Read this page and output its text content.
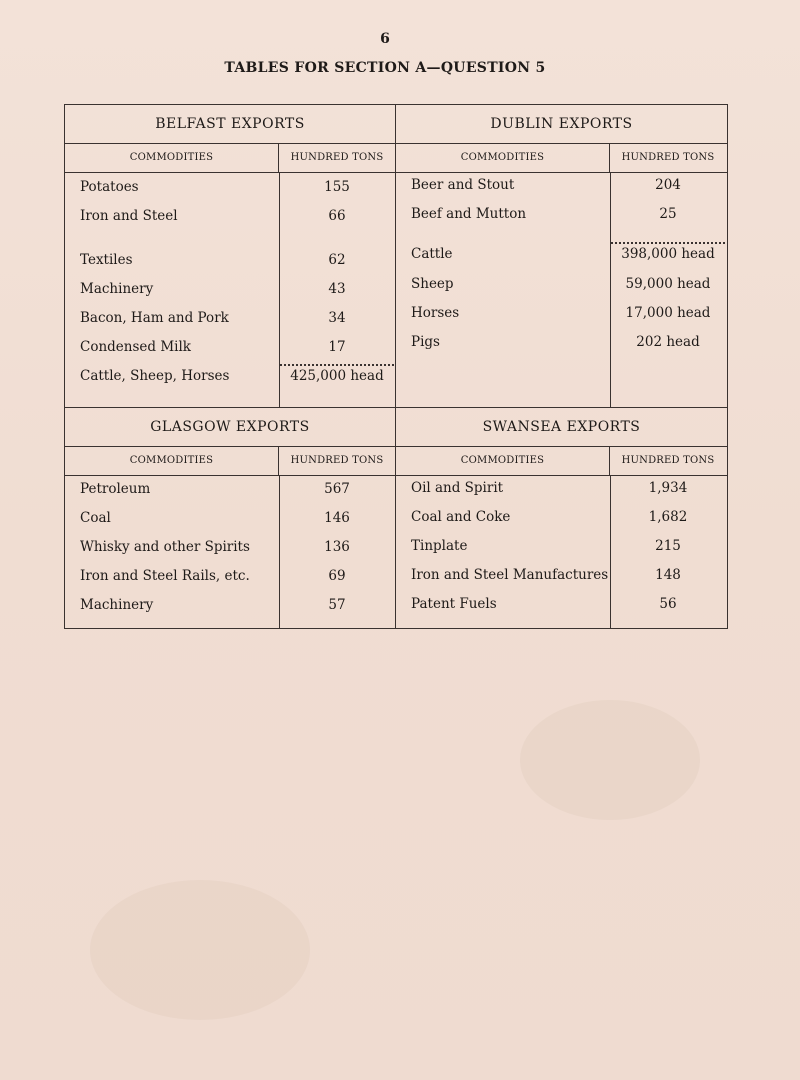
6
TABLES FOR SECTION A—QUESTION 5
BELFAST EXPORTS
COMMODITIES	HUNDRED TONS
Potatoes	155
Iron and Steel	66
Textiles	62
Machinery	43
Bacon, Ham and Pork	34
Condensed Milk	17
Cattle, Sheep, Horses	425,000 head
DUBLIN EXPORTS
COMMODITIES	HUNDRED TONS
Beer and Stout	204
Beef and Mutton	25
Cattle	398,000 head
Sheep	59,000 head
Horses	17,000 head
Pigs	202 head
GLASGOW EXPORTS
COMMODITIES	HUNDRED TONS
Petroleum	567
Coal	146
Whisky and other Spirits	136
Iron and Steel Rails, etc.	69
Machinery	57
SWANSEA EXPORTS
COMMODITIES	HUNDRED TONS
Oil and Spirit	1,934
Coal and Coke	1,682
Tinplate	215
Iron and Steel Manufactures	148
Patent Fuels	56
